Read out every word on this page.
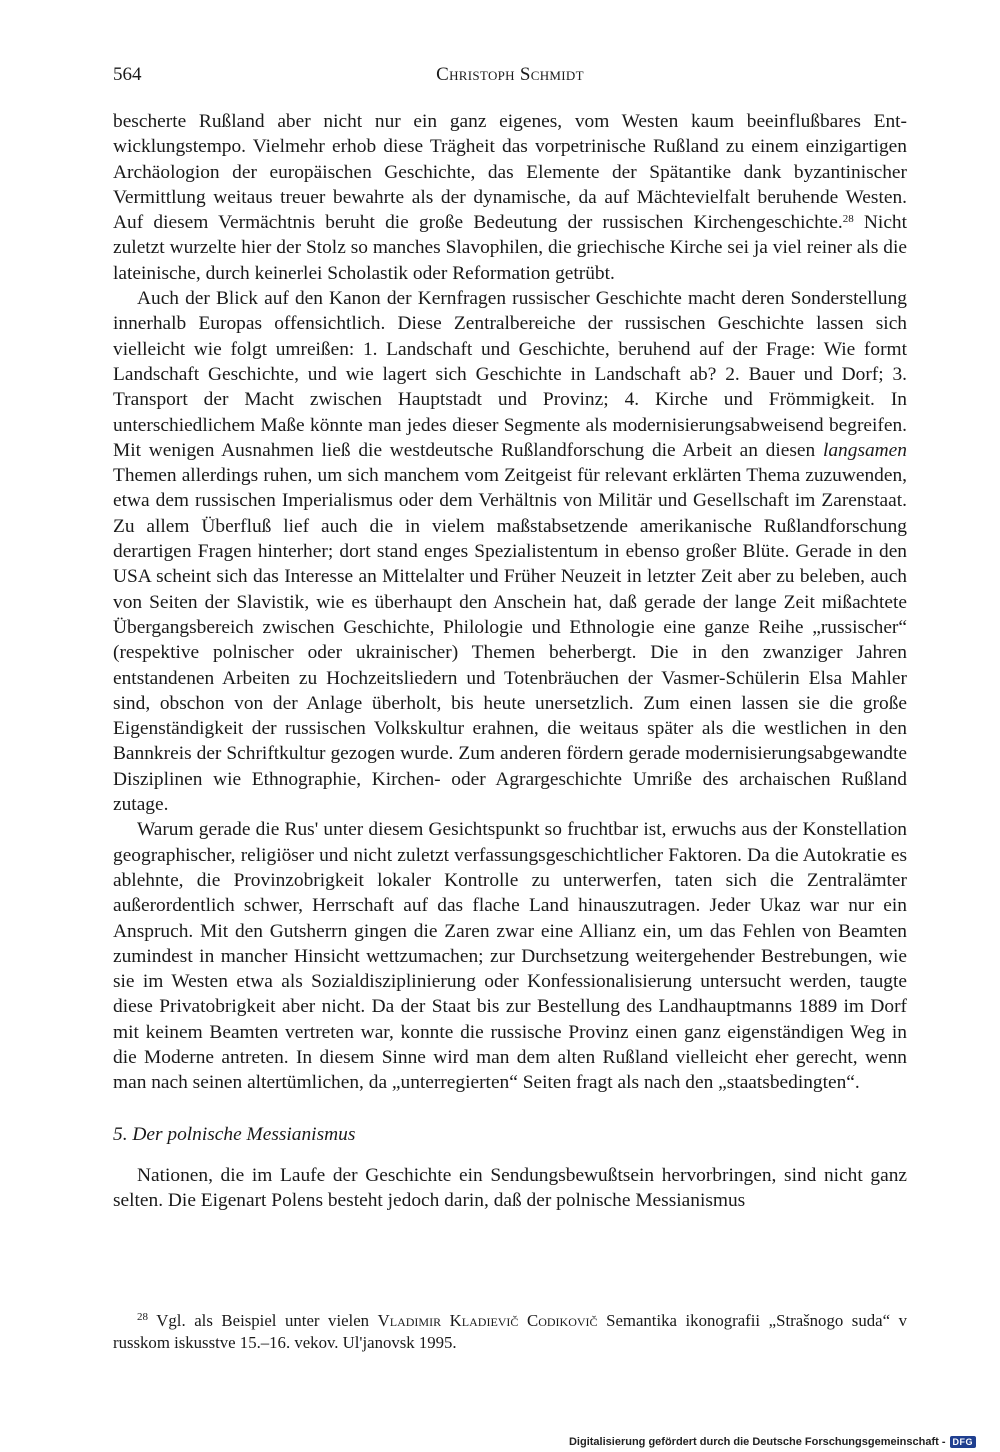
564	Christoph Schmidt

bescherte Rußland aber nicht nur ein ganz eigenes, vom Westen kaum beeinflußbares Entwicklungstempo. Vielmehr erhob diese Trägheit das vorpetrinische Rußland zu einem einzigartigen Archäologion der europäischen Geschichte, das Elemente der Spätantike dank byzantinischer Vermittlung weitaus treuer bewahrte als der dynamische, da auf Mächtevielfalt beruhende Westen. Auf diesem Vermächtnis beruht die große Bedeutung der russischen Kirchengeschichte.$^{28}$ Nicht zuletzt wurzelte hier der Stolz so manches Slavophilen, die griechische Kirche sei ja viel reiner als die lateinische, durch keinerlei Scholastik oder Reformation getrübt.

Auch der Blick auf den Kanon der Kernfragen russischer Geschichte macht deren Sonderstellung innerhalb Europas offensichtlich. Diese Zentralbereiche der russischen Geschichte lassen sich vielleicht wie folgt umreißen: 1. Landschaft und Geschichte, beruhend auf der Frage: Wie formt Landschaft Geschichte, und wie lagert sich Geschichte in Landschaft ab? 2. Bauer und Dorf; 3. Transport der Macht zwischen Hauptstadt und Provinz; 4. Kirche und Frömmigkeit. In unterschiedlichem Maße könnte man jedes dieser Segmente als modernisierungsabweisend begreifen. Mit wenigen Ausnahmen ließ die westdeutsche Rußlandforschung die Arbeit an diesen langsamen Themen allerdings ruhen, um sich manchem vom Zeitgeist für relevant erklärten Thema zuzuwenden, etwa dem russischen Imperialismus oder dem Verhältnis von Militär und Gesellschaft im Zarenstaat. Zu allem Überfluß lief auch die in vielem maßstabsetzende amerikanische Rußlandforschung derartigen Fragen hinterher; dort stand enges Spezialistentum in ebenso großer Blüte. Gerade in den USA scheint sich das Interesse an Mittelalter und Früher Neuzeit in letzter Zeit aber zu beleben, auch von Seiten der Slavistik, wie es überhaupt den Anschein hat, daß gerade der lange Zeit mißachtete Übergangsbereich zwischen Geschichte, Philologie und Ethnologie eine ganze Reihe „russischer“ (respektive polnischer oder ukrainischer) Themen beherbergt. Die in den zwanziger Jahren entstandenen Arbeiten zu Hochzeitsliedern und Totenbräuchen der Vasmer-Schülerin Elsa Mahler sind, obschon von der Anlage überholt, bis heute unersetzlich. Zum einen lassen sie die große Eigenständigkeit der russischen Volkskultur erahnen, die weitaus später als die westlichen in den Bannkreis der Schriftkultur gezogen wurde. Zum anderen fördern gerade modernisierungsabgewandte Disziplinen wie Ethnographie, Kirchen- oder Agrargeschichte Umriße des archaischen Rußland zutage.

Warum gerade die Rus' unter diesem Gesichtspunkt so fruchtbar ist, erwuchs aus der Konstellation geographischer, religiöser und nicht zuletzt verfassungsgeschichtlicher Faktoren. Da die Autokratie es ablehnte, die Provinzobrigkeit lokaler Kontrolle zu unterwerfen, taten sich die Zentralämter außerordentlich schwer, Herrschaft auf das flache Land hinauszutragen. Jeder Ukaz war nur ein Anspruch. Mit den Gutsherrn gingen die Zaren zwar eine Allianz ein, um das Fehlen von Beamten zumindest in mancher Hinsicht wettzumachen; zur Durchsetzung weitergehender Bestrebungen, wie sie im Westen etwa als Sozialdisziplinierung oder Konfessionalisierung untersucht werden, taugte diese Privatobrigkeit aber nicht. Da der Staat bis zur Bestellung des Landhauptmanns 1889 im Dorf mit keinem Beamten vertreten war, konnte die russische Provinz einen ganz eigenständigen Weg in die Moderne antreten. In diesem Sinne wird man dem alten Rußland vielleicht eher gerecht, wenn man nach seinen altertümlichen, da „unterregierten“ Seiten fragt als nach den „staatsbedingten“.

5. Der polnische Messianismus

Nationen, die im Laufe der Geschichte ein Sendungsbewußtsein hervorbringen, sind nicht ganz selten. Die Eigenart Polens besteht jedoch darin, daß der polnische Messianismus

$^{28}$ Vgl. als Beispiel unter vielen Vladimir Kladievič Codikovič Semantika ikonografii „Strašnogo suda“ v russkom iskusstve 15.–16. vekov. Ul'janovsk 1995.

Digitalisierung gefördert durch die Deutsche Forschungsgemeinschaft - DFG
